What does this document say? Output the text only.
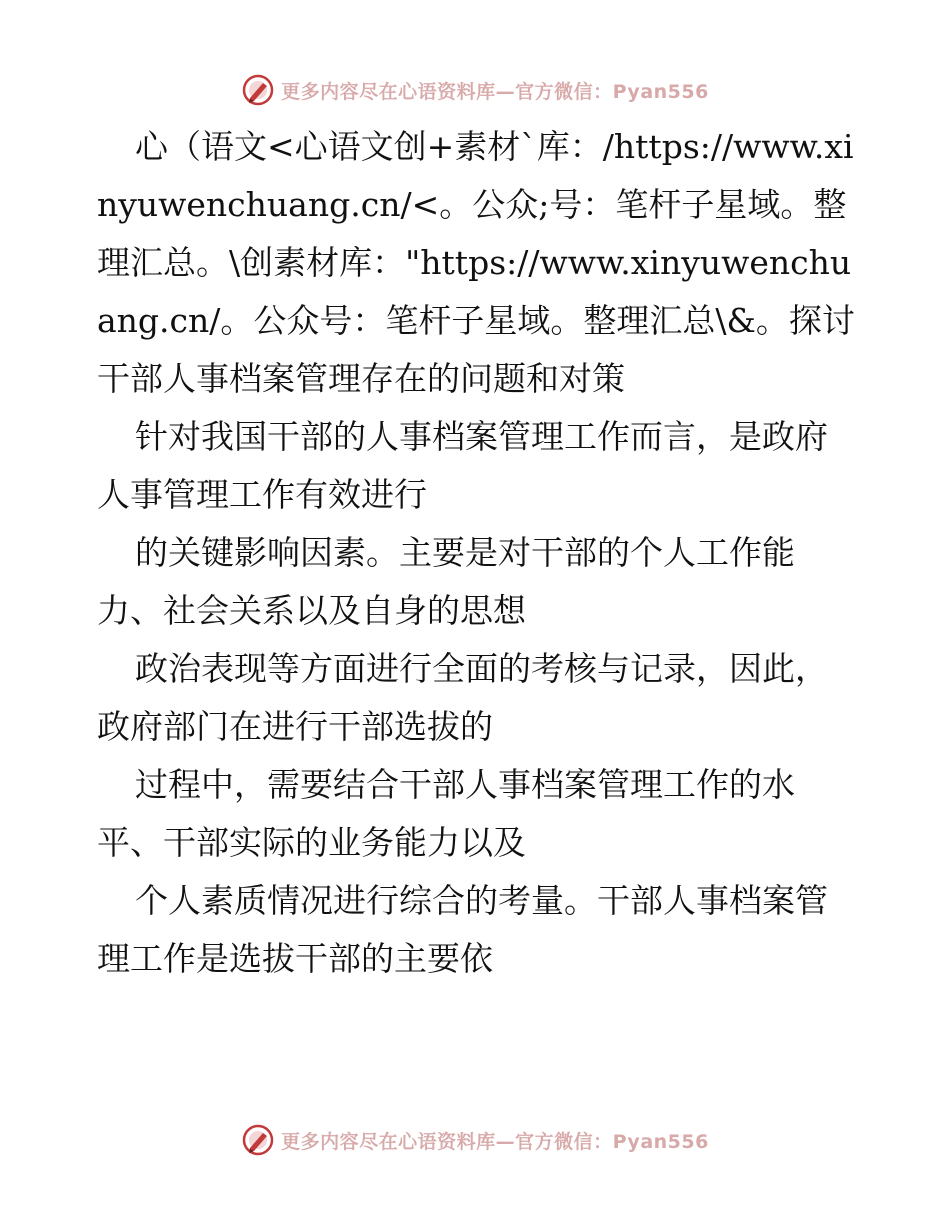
更多内容尽在心语资料库—官方微信：Pyan556

心（语文<心语文创+素材`库：/https://www.xinyuwenchuang.cn/<。公众;号：笔杆子星域。整理汇总。\创素材库："https://www.xinyuwenchuang.cn/。公众号：笔杆子星域。整理汇总\&。探讨干部人事档案管理存在的问题和对策

针对我国干部的人事档案管理工作而言，是政府人事管理工作有效进行

的关键影响因素。主要是对干部的个人工作能力、社会关系以及自身的思想

政治表现等方面进行全面的考核与记录，因此，政府部门在进行干部选拔的

过程中，需要结合干部人事档案管理工作的水平、干部实际的业务能力以及

个人素质情况进行综合的考量。干部人事档案管理工作是选拔干部的主要依

更多内容尽在心语资料库—官方微信：Pyan556
